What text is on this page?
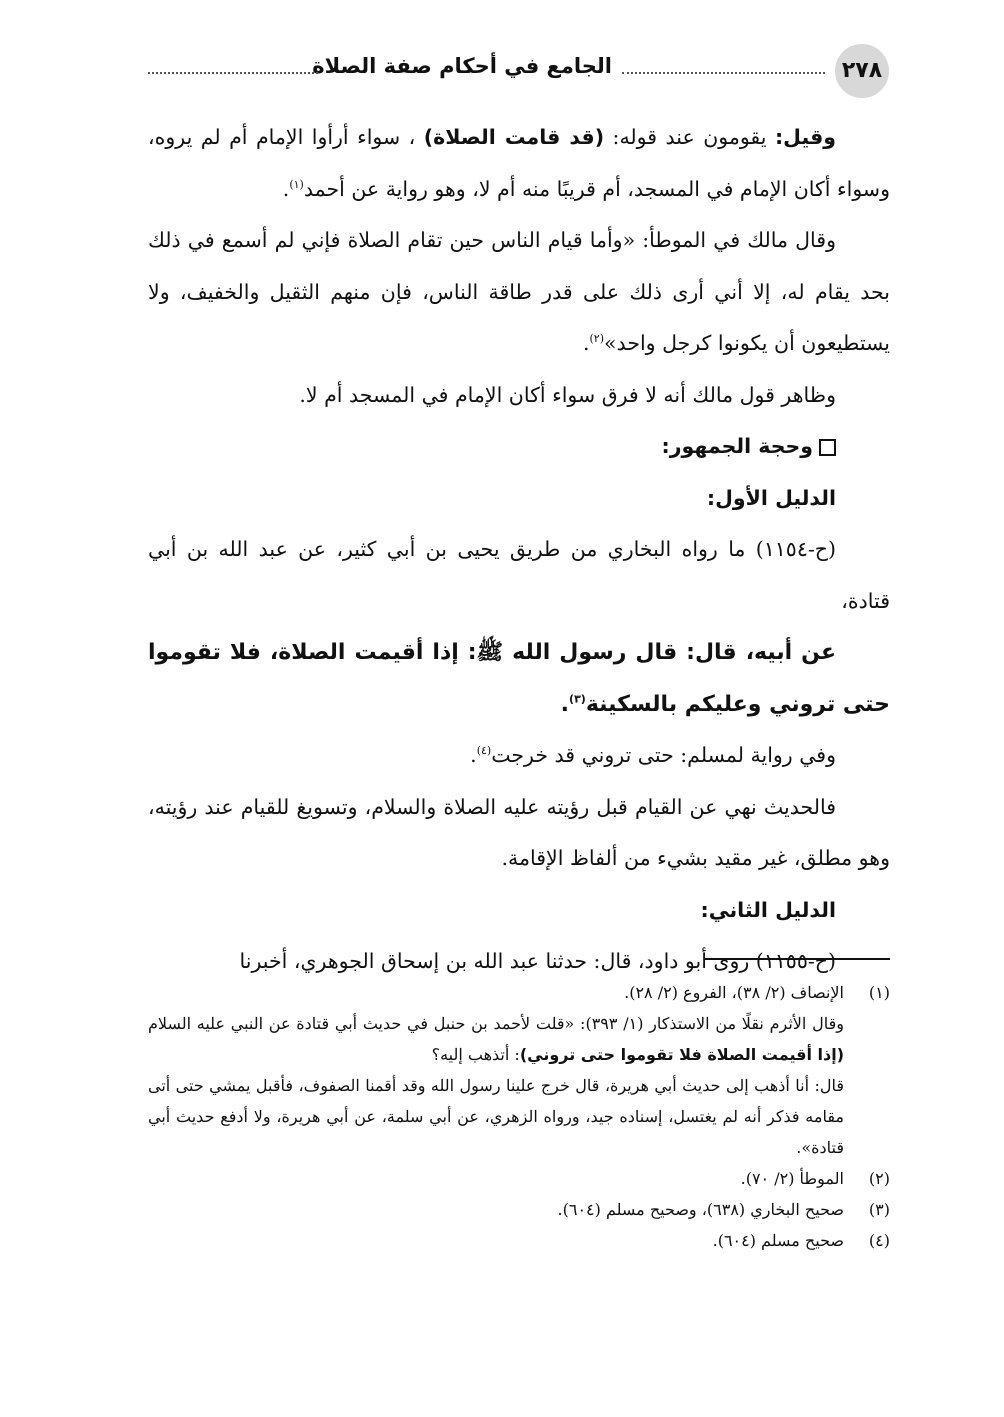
٢٧٨
الجامع في أحكام صفة الصلاة

وقيل: يقومون عند قوله: (قد قامت الصلاة) ، سواء أرأوا الإمام أم لم يروه، وسواء أكان الإمام في المسجد، أم قريبًا منه أم لا، وهو رواية عن أحمد$^{(١)}$.

وقال مالك في الموطأ: «وأما قيام الناس حين تقام الصلاة فإني لم أسمع في ذلك بحد يقام له، إلا أني أرى ذلك على قدر طاقة الناس، فإن منهم الثقيل والخفيف، ولا يستطيعون أن يكونوا كرجل واحد»$^{(٢)}$.

وظاهر قول مالك أنه لا فرق سواء أكان الإمام في المسجد أم لا.

وحجة الجمهور:

الدليل الأول:

(ح-١١٥٤) ما رواه البخاري من طريق يحيى بن أبي كثير، عن عبد الله بن أبي قتادة،

عن أبيه، قال: قال رسول الله ﷺ: إذا أقيمت الصلاة، فلا تقوموا حتى تروني وعليكم بالسكينة$^{(٣)}$.

وفي رواية لمسلم: حتى تروني قد خرجت$^{(٤)}$.

فالحديث نهي عن القيام قبل رؤيته عليه الصلاة والسلام، وتسويغ للقيام عند رؤيته، وهو مطلق، غير مقيد بشيء من ألفاظ الإقامة.

الدليل الثاني:

(ح-١١٥٥) روى أبو داود، قال: حدثنا عبد الله بن إسحاق الجوهري، أخبرنا

(١)
الإنصاف (٢/ ٣٨)، الفروع (٢/ ٢٨).
وقال الأثرم نقلًا من الاستذكار (١/ ٣٩٣): «قلت لأحمد بن حنبل في حديث أبي قتادة عن النبي عليه السلام (إذا أقيمت الصلاة فلا تقوموا حتى تروني): أتذهب إليه؟
قال: أنا أذهب إلى حديث أبي هريرة، قال خرج علينا رسول الله وقد أقمنا الصفوف، فأقبل يمشي حتى أتى مقامه فذكر أنه لم يغتسل، إسناده جيد، ورواه الزهري، عن أبي سلمة، عن أبي هريرة، ولا أدفع حديث أبي قتادة».
(٢)
الموطأ (٢/ ٧٠).
(٣)
صحيح البخاري (٦٣٨)، وصحيح مسلم (٦٠٤).
(٤)
صحيح مسلم (٦٠٤).
